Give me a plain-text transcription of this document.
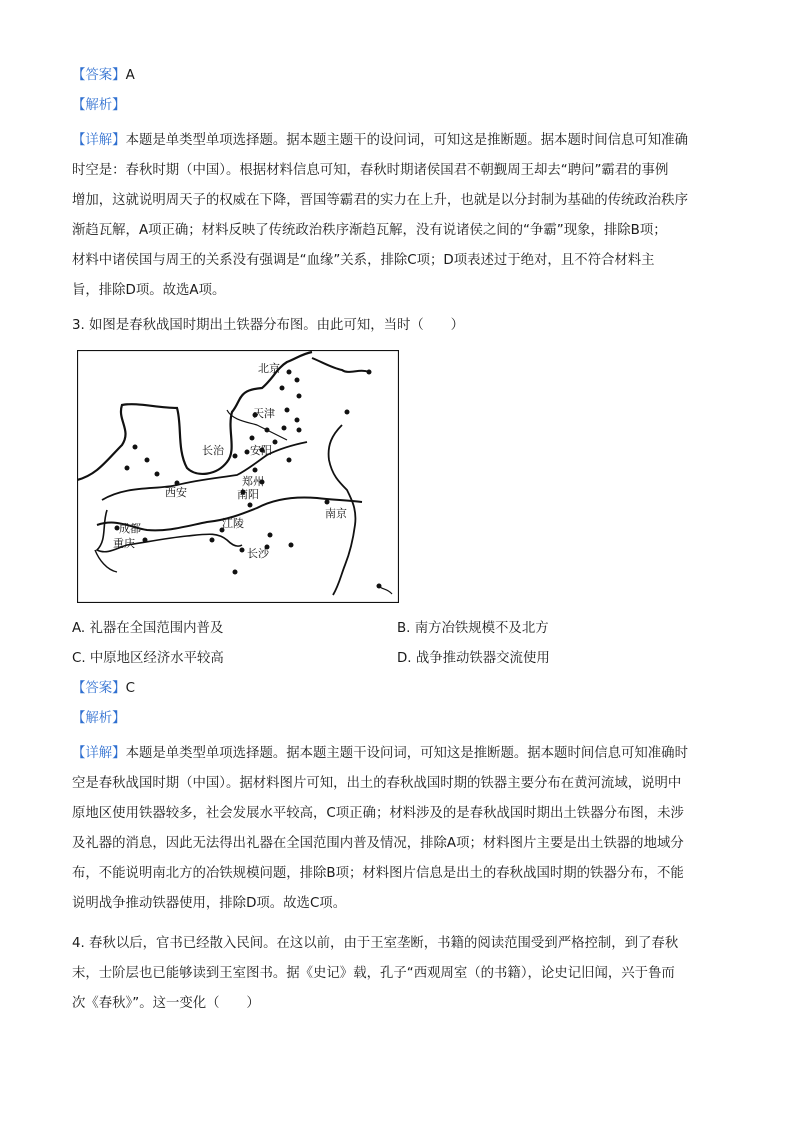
【答案】A
【解析】
【详解】本题是单类型单项选择题。据本题主题干的设问词，可知这是推断题。据本题时间信息可知准确
时空是：春秋时期（中国）。根据材料信息可知，春秋时期诸侯国君不朝觐周王却去“聘问”霸君的事例
增加，这就说明周天子的权威在下降，晋国等霸君的实力在上升，也就是以分封制为基础的传统政治秩序
渐趋瓦解，A项正确；材料反映了传统政治秩序渐趋瓦解，没有说诸侯之间的“争霸”现象，排除B项；
材料中诸侯国与周王的关系没有强调是“血缘”关系，排除C项；D项表述过于绝对，且不符合材料主
旨，排除D项。故选A项。
3. 如图是春秋战国时期出土铁器分布图。由此可知，当时（　　）
北京
天津
长治 安阳
西安
郑州
南阳
成都
重庆
江陵
南京
长沙
A. 礼器在全国范围内普及	B. 南方冶铁规模不及北方
C. 中原地区经济水平较高	D. 战争推动铁器交流使用
【答案】C
【解析】
【详解】本题是单类型单项选择题。据本题主题干设问词，可知这是推断题。据本题时间信息可知准确时
空是春秋战国时期（中国）。据材料图片可知，出土的春秋战国时期的铁器主要分布在黄河流域，说明中
原地区使用铁器较多，社会发展水平较高，C项正确；材料涉及的是春秋战国时期出土铁器分布图，未涉
及礼器的消息，因此无法得出礼器在全国范围内普及情况，排除A项；材料图片主要是出土铁器的地域分
布，不能说明南北方的冶铁规模问题，排除B项；材料图片信息是出土的春秋战国时期的铁器分布，不能
说明战争推动铁器使用，排除D项。故选C项。
4. 春秋以后，官书已经散入民间。在这以前，由于王室垄断，书籍的阅读范围受到严格控制，到了春秋
末，士阶层也已能够读到王室图书。据《史记》载，孔子“西观周室（的书籍），论史记旧闻，兴于鲁而
次《春秋》”。这一变化（　　）
